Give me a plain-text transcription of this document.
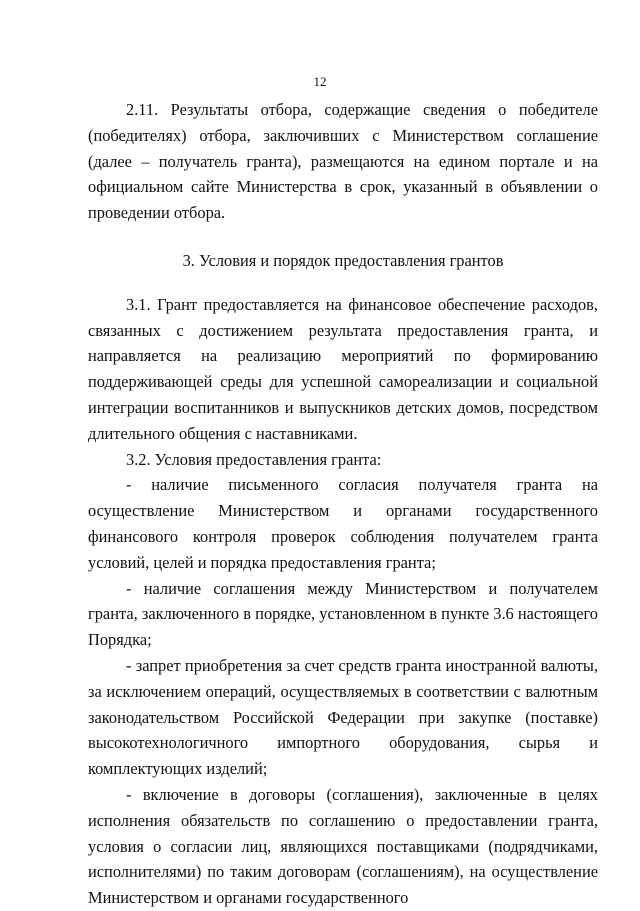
12

2.11. Результаты отбора, содержащие сведения о победителе (победителях) отбора, заключивших с Министерством соглашение (далее – получатель гранта), размещаются на едином портале и на официальном сайте Министерства в срок, указанный в объявлении о проведении отбора.

3. Условия и порядок предоставления грантов

3.1. Грант предоставляется на финансовое обеспечение расходов, связанных с достижением результата предоставления гранта, и направляется на реализацию мероприятий по формированию поддерживающей среды для успешной самореализации и социальной интеграции воспитанников и выпускников детских домов, посредством длительного общения с наставниками.

3.2. Условия предоставления гранта:

- наличие письменного согласия получателя гранта на осуществление Министерством и органами государственного финансового контроля проверок соблюдения получателем гранта условий, целей и порядка предоставления гранта;

- наличие соглашения между Министерством и получателем гранта, заключенного в порядке, установленном в пункте 3.6 настоящего Порядка;

- запрет приобретения за счет средств гранта иностранной валюты, за исключением операций, осуществляемых в соответствии с валютным законодательством Российской Федерации при закупке (поставке) высокотехнологичного импортного оборудования, сырья и комплектующих изделий;

- включение в договоры (соглашения), заключенные в целях исполнения обязательств по соглашению о предоставлении гранта, условия о согласии лиц, являющихся поставщиками (подрядчиками, исполнителями) по таким договорам (соглашениям), на осуществление Министерством и органами государственного
